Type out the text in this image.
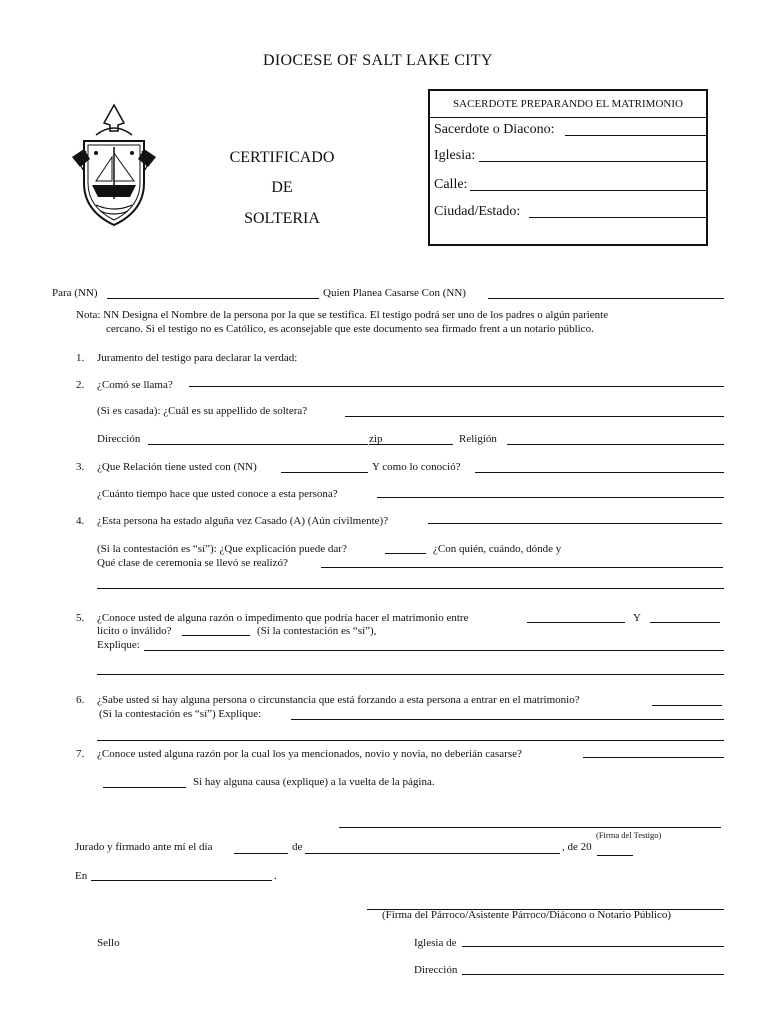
DIOCESE OF SALT LAKE CITY
CERTIFICADO
DE
SOLTERIA
SACERDOTE PREPARANDO EL MATRIMONIO
Sacerdote o Diacono:
Iglesia:
Calle:
Ciudad/Estado:
Para (NN)	Quien Planea Casarse Con (NN)
Nota: NN Designa el Nombre de la persona por la que se testifica. El testigo podrá ser uno de los padres o algún pariente
cercano. Si el testigo no es Católico, es aconsejable que este documento sea firmado frent a un notario público.
1. Juramento del testigo para declarar la verdad:
2. ¿Comó se llama?
(Si es casada): ¿Cuál es su appellido de soltera?
Dirección	zip	Religión
3. ¿Que Relación tiene usted con (NN)	Y como lo conoció?
¿Cuánto tiempo hace que usted conoce a esta persona?
4. ¿Esta persona ha estado alguña vez Casado (A) (Aún civilmente)?
(Si la contestación es “sí”): ¿Que explicación puede dar?	¿Con quién, cuándo, dónde y
Qué clase de ceremonia se llevó se realizó?
5. ¿Conoce usted de alguna razón o impedimento que podría hacer el matrimonio entre	Y
lícito o inválido?	(Si la contestación es “sí”),
Explique:
6. ¿Sabe usted si hay alguna persona o circunstancia que está forzando a esta persona a entrar en el matrimonio?
(Si la contestación es “sí”) Explique:
7. ¿Conoce usted alguna razón por la cual los ya mencionados, novio y novia, no deberián casarse?
Si hay alguna causa (explique) a la vuelta de la página.
(Firma del Testigo)
Jurado y firmado ante mí el día	de	, de 20
En	.
(Firma del Párroco/Asistente Párroco/Diácono o Notario Público)
Sello	Iglesia de
Dirección
